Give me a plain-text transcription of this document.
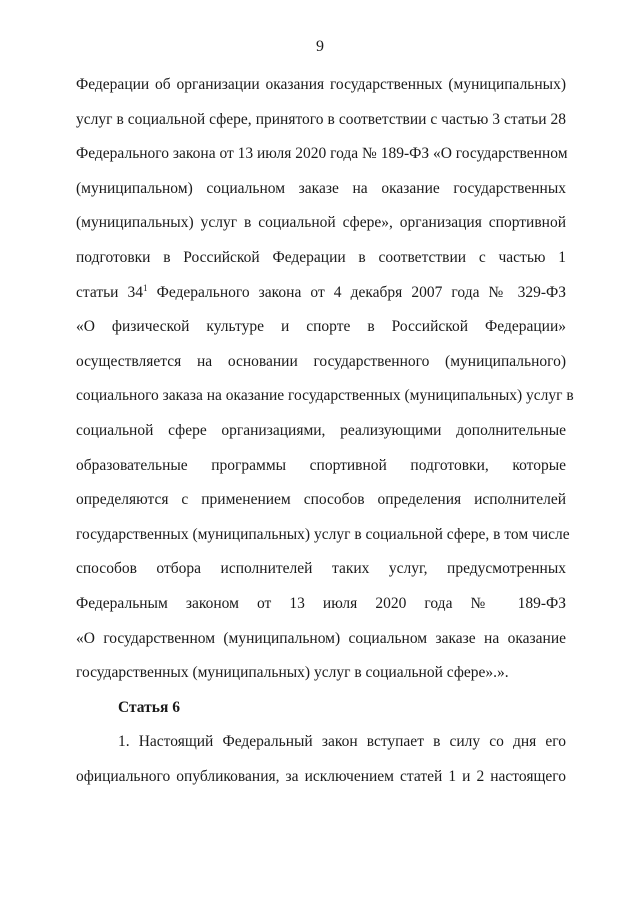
9
Федерации об организации оказания государственных (муниципальных)
услуг в социальной сфере, принятого в соответствии с частью 3 статьи 28
Федерального закона от 13 июля 2020 года № 189-ФЗ «О государственном
(муниципальном) социальном заказе на оказание государственных
(муниципальных) услуг в социальной сфере», организация спортивной
подготовки в Российской Федерации в соответствии с частью 1
статьи $34^1$ Федерального закона от 4 декабря 2007 года № 329-ФЗ
«О физической культуре и спорте в Российской Федерации»
осуществляется на основании государственного (муниципального)
социального заказа на оказание государственных (муниципальных) услуг в
социальной сфере организациями, реализующими дополнительные
образовательные программы спортивной подготовки, которые
определяются с применением способов определения исполнителей
государственных (муниципальных) услуг в социальной сфере, в том числе
способов отбора исполнителей таких услуг, предусмотренных
Федеральным законом от 13 июля 2020 года № 189-ФЗ
«О государственном (муниципальном) социальном заказе на оказание
государственных (муниципальных) услуг в социальной сфере».».
Статья 6
1. Настоящий Федеральный закон вступает в силу со дня его
официального опубликования, за исключением статей 1 и 2 настоящего
